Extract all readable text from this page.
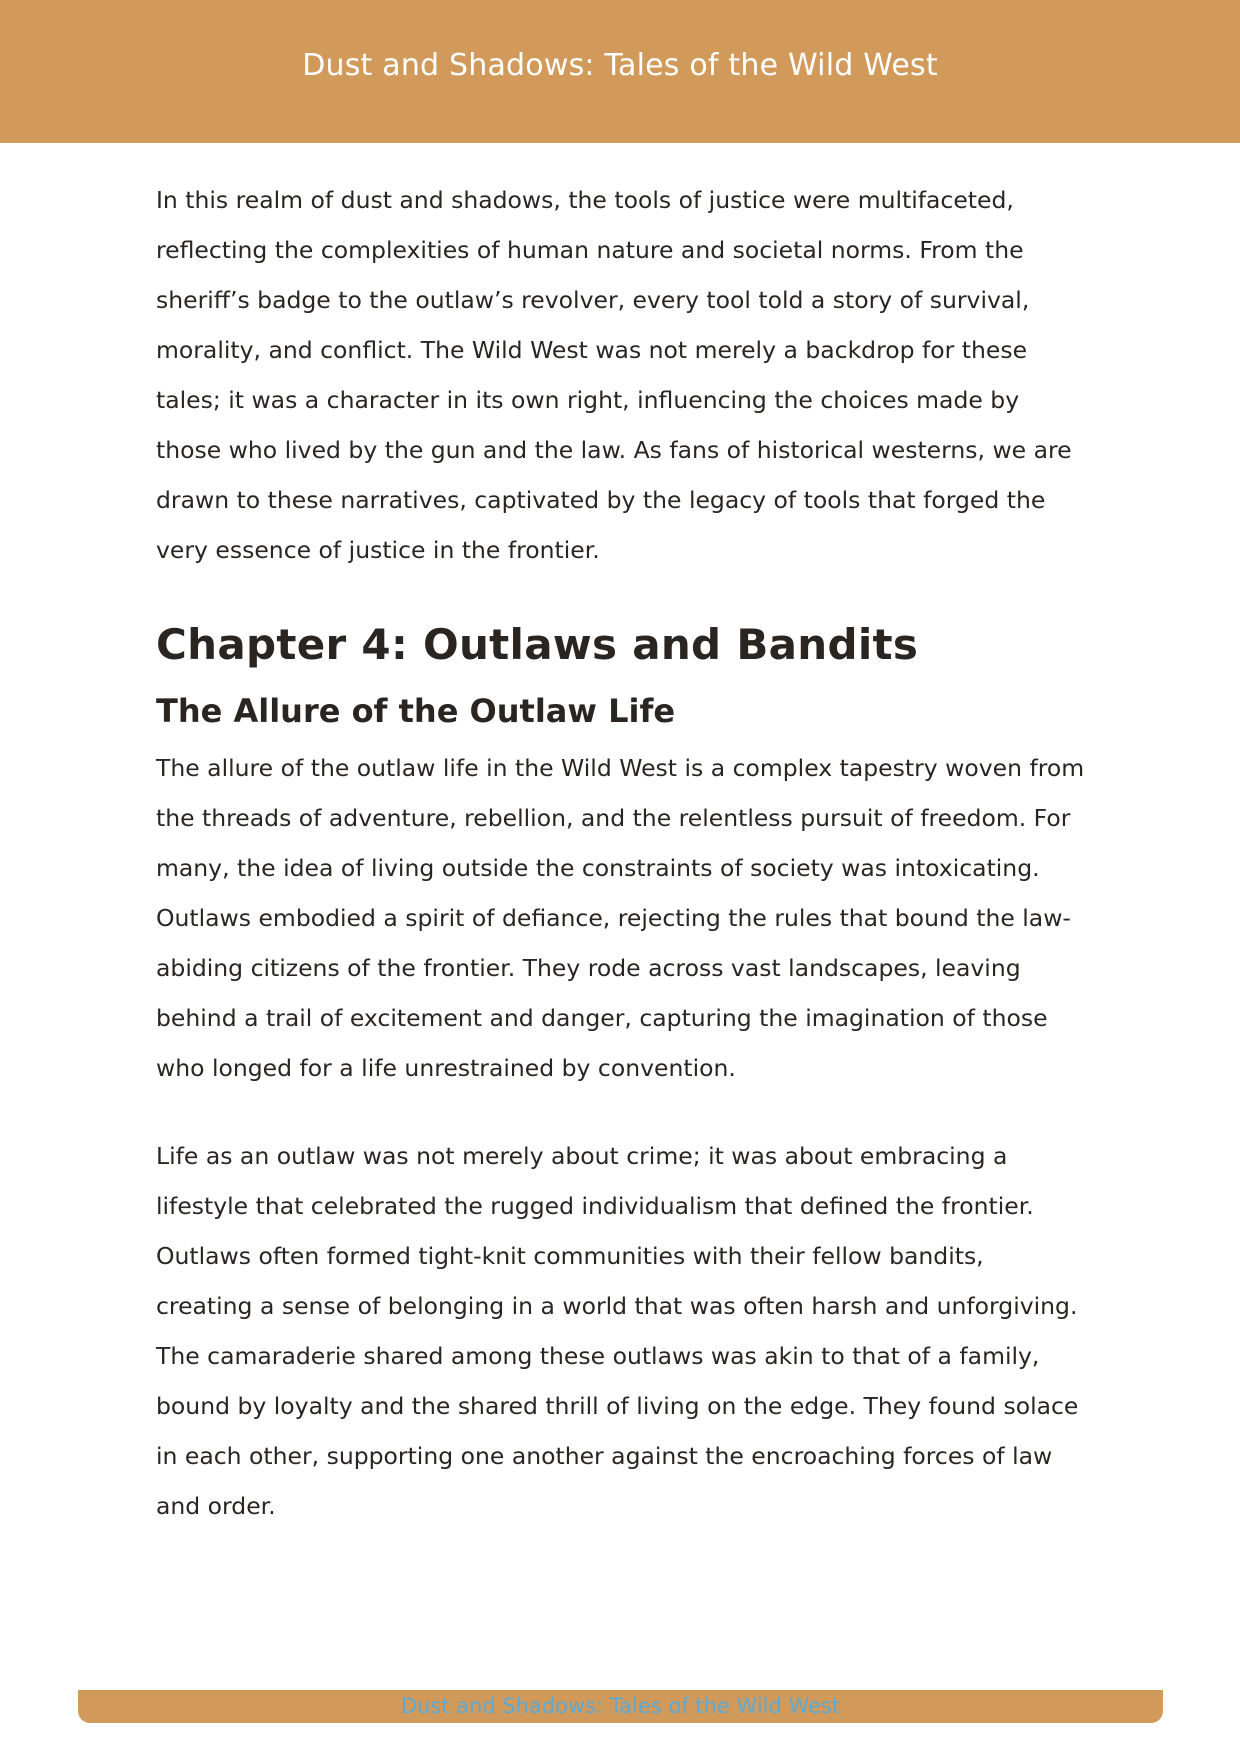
Dust and Shadows: Tales of the Wild West

In this realm of dust and shadows, the tools of justice were multifaceted, reflecting the complexities of human nature and societal norms. From the sheriff’s badge to the outlaw’s revolver, every tool told a story of survival, morality, and conflict. The Wild West was not merely a backdrop for these tales; it was a character in its own right, influencing the choices made by those who lived by the gun and the law. As fans of historical westerns, we are drawn to these narratives, captivated by the legacy of tools that forged the very essence of justice in the frontier.

Chapter 4: Outlaws and Bandits
The Allure of the Outlaw Life

The allure of the outlaw life in the Wild West is a complex tapestry woven from the threads of adventure, rebellion, and the relentless pursuit of freedom. For many, the idea of living outside the constraints of society was intoxicating. Outlaws embodied a spirit of defiance, rejecting the rules that bound the law-abiding citizens of the frontier. They rode across vast landscapes, leaving behind a trail of excitement and danger, capturing the imagination of those who longed for a life unrestrained by convention.

Life as an outlaw was not merely about crime; it was about embracing a lifestyle that celebrated the rugged individualism that defined the frontier. Outlaws often formed tight-knit communities with their fellow bandits, creating a sense of belonging in a world that was often harsh and unforgiving. The camaraderie shared among these outlaws was akin to that of a family, bound by loyalty and the shared thrill of living on the edge. They found solace in each other, supporting one another against the encroaching forces of law and order.

Dust and Shadows: Tales of the Wild West
